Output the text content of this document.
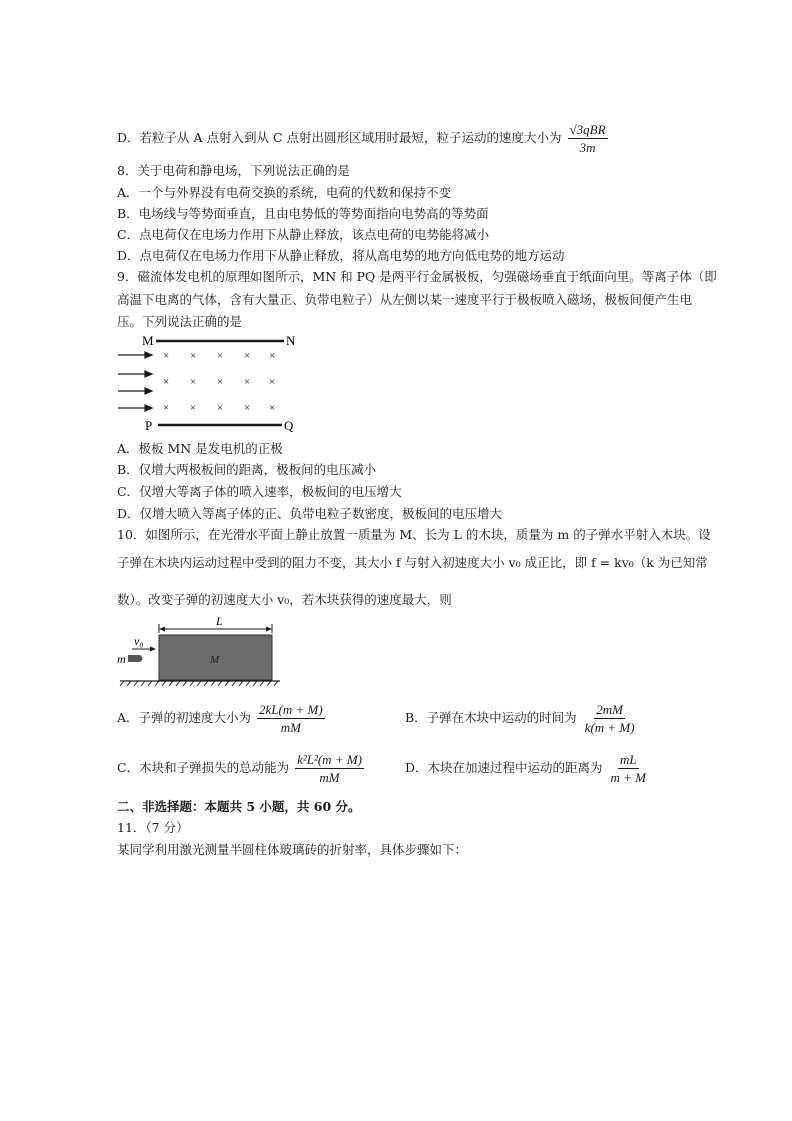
D．若粒子从 A 点射入到从 C 点射出圆形区域用时最短，粒子运动的速度大小为 $\frac{\text{√3qBR}}{3m}$
8．关于电荷和静电场，下列说法正确的是
A．一个与外界没有电荷交换的系统，电荷的代数和保持不变
B．电场线与等势面垂直，且由电势低的等势面指向电势高的等势面
C．点电荷仅在电场力作用下从静止释放，该点电荷的电势能将减小
D．点电荷仅在电场力作用下从静止释放，将从高电势的地方向低电势的地方运动
9．磁流体发电机的原理如图所示，MN 和 PQ 是两平行金属极板，匀强磁场垂直于纸面向里。等离子体（即
高温下电离的气体，含有大量正、负带电粒子）从左侧以某一速度平行于极板喷入磁场，极板间便产生电
压。下列说法正确的是
M	N
× × × × ×
× × × × ×
× × × × ×
P	Q
A．极板 MN 是发电机的正极
B．仅增大两极板间的距离，极板间的电压减小
C．仅增大等离子体的喷入速率，极板间的电压增大
D．仅增大喷入等离子体的正、负带电粒子数密度，极板间的电压增大
10．如图所示，在光滑水平面上静止放置一质量为 M、长为 L 的木块，质量为 m 的子弹水平射入木块。设
子弹在木块内运动过程中受到的阻力不变，其大小 f 与射入初速度大小 v₀ 成正比，即 f = kv₀（k 为已知常
数）。改变子弹的初速度大小 v₀，若木块获得的速度最大，则
L
M
v₀
m
A．子弹的初速度大小为 $\frac{2kL(m + M)}{mM}$	B．子弹在木块中运动的时间为 $\frac{2mM}{k(m + M)}$
C．木块和子弹损失的总动能为 $\frac{\text{k²L²(m + M)}}{mM}$	D．木块在加速过程中运动的距离为 $\frac{mL}{m + M}$
二、非选择题：本题共 5 小题，共 60 分。
11．（7 分）
某同学利用激光测量半圆柱体玻璃砖的折射率，具体步骤如下：
